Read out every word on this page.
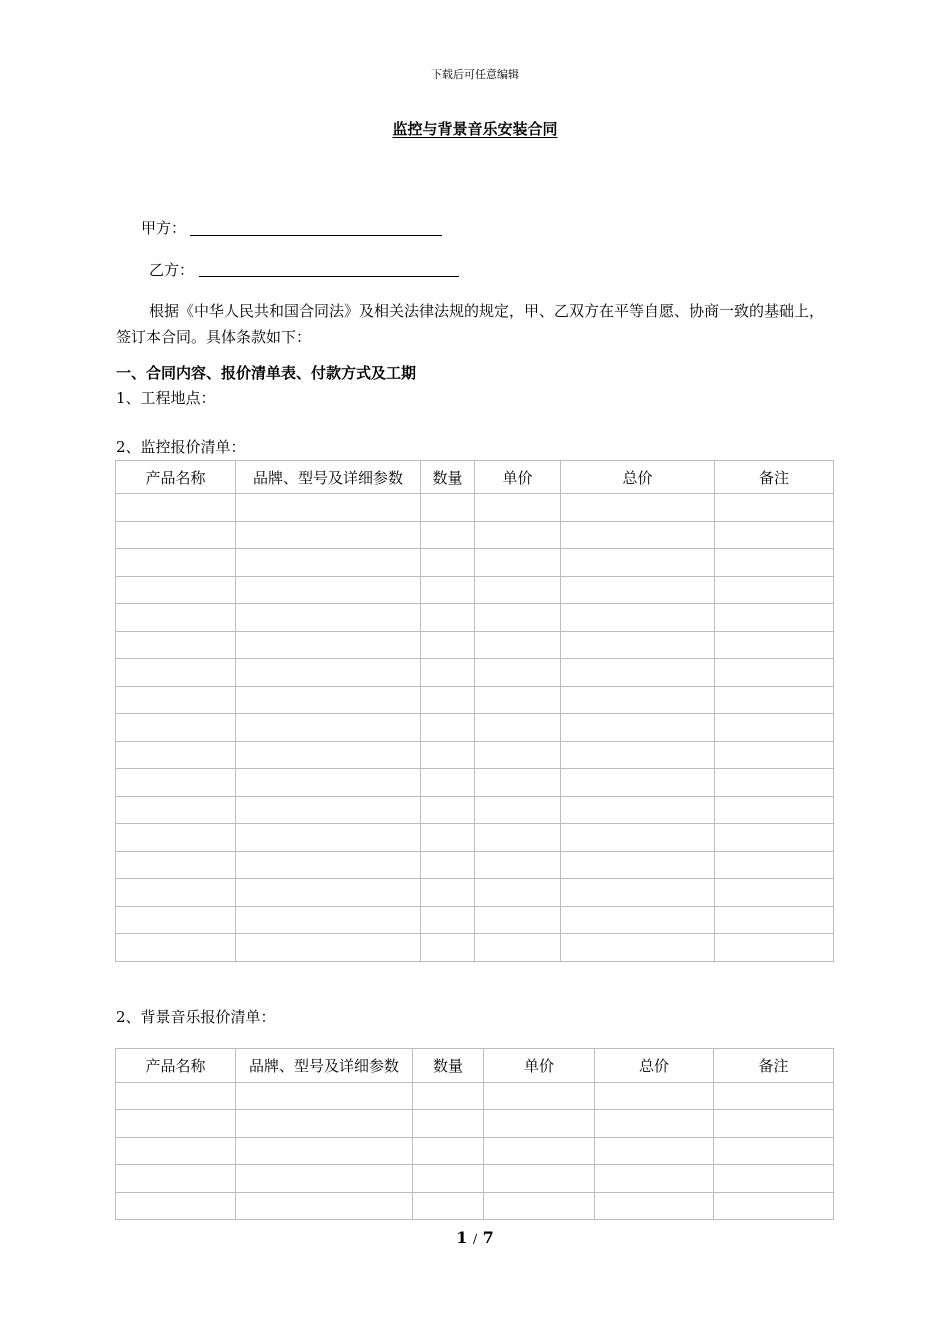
下载后可任意编辑
监控与背景音乐安装合同
甲方：
乙方：
根据《中华人民共和国合同法》及相关法律法规的规定，甲、乙双方在平等自愿、协商一致的基础上，签订本合同。具体条款如下：
一、合同内容、报价清单表、付款方式及工期
1、工程地点：
2、监控报价清单：
产品名称	品牌、型号及详细参数	数量	单价	总价	备注

2、背景音乐报价清单：
产品名称	品牌、型号及详细参数	数量	单价	总价	备注

1 / 7
